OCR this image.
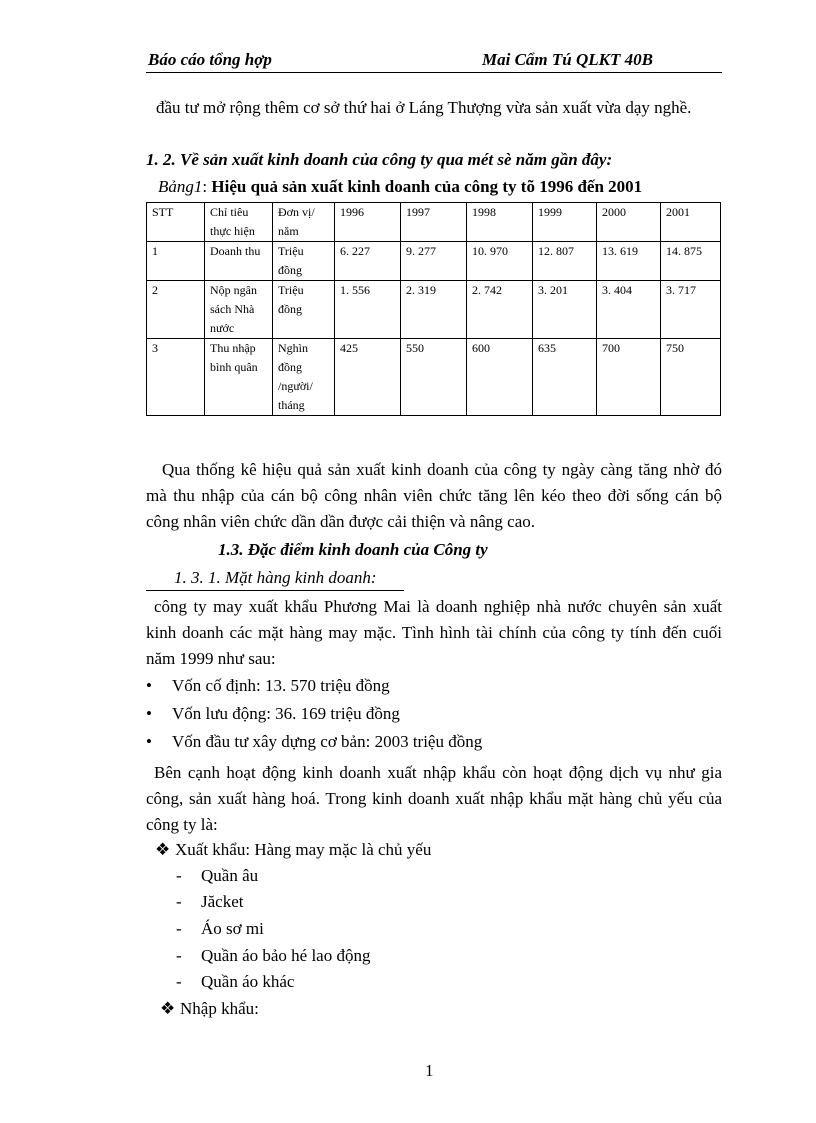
Báo cáo tổng hợp	Mai Cẩm Tú QLKT 40B
đầu tư mở rộng thêm cơ sở thứ hai ở Láng Thượng vừa sản xuất vừa dạy nghề.
1. 2. Về sản xuất kinh doanh của công ty qua mét sè năm gần đây:
Bảng1: Hiệu quả sản xuất kinh doanh của công ty tõ 1996 đến 2001
STT	Chỉ tiêu thực hiện	Đơn vị/ năm	1996	1997	1998	1999	2000	2001
1	Doanh thu	Triệu đồng	6. 227	9. 277	10. 970	12. 807	13. 619	14. 875
2	Nộp ngân sách Nhà nước	Triệu đồng	1. 556	2. 319	2. 742	3. 201	3. 404	3. 717
3	Thu nhập bình quân	Nghìn đồng /người/ tháng	425	550	600	635	700	750
Qua thống kê hiệu quả sản xuất kinh doanh của công ty ngày càng tăng nhờ đó mà thu nhập của cán bộ công nhân viên chức tăng lên kéo theo đời sống cán bộ công nhân viên chức dần dần được cải thiện và nâng cao.
1.3. Đặc điểm kinh doanh của Công ty
1. 3. 1. Mặt hàng kinh doanh:
công ty may xuất khẩu Phương Mai là doanh nghiệp nhà nước chuyên sản xuất kinh doanh các mặt hàng may mặc. Tình hình tài chính của công ty tính đến cuối năm 1999 như sau:
• Vốn cố định: 13. 570 triệu đồng
• Vốn lưu động: 36. 169 triệu đồng
• Vốn đầu tư xây dựng cơ bản: 2003 triệu đồng
Bên cạnh hoạt động kinh doanh xuất nhập khẩu còn hoạt động dịch vụ như gia công, sản xuất hàng hoá. Trong kinh doanh xuất nhập khẩu mặt hàng chủ yếu của công ty là:
❖ Xuất khẩu: Hàng may mặc là chủ yếu
- Quần âu
- Jăcket
- Áo sơ mi
- Quần áo bảo hé lao động
- Quần áo khác
❖ Nhập khẩu:
1
